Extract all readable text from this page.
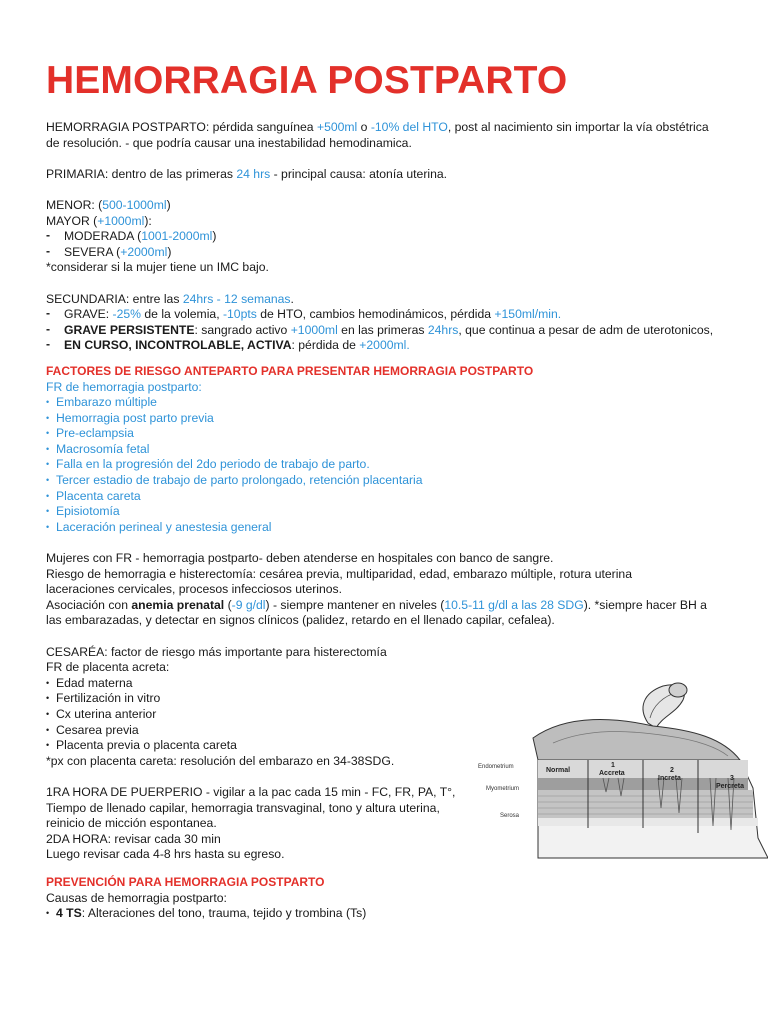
HEMORRAGIA POSTPARTO

HEMORRAGIA POSTPARTO: pérdida sanguínea +500ml o -10% del HTO, post al nacimiento sin importar la vía obstétrica de resolución. - que podría causar una inestabilidad hemodinamica.

PRIMARIA: dentro de las primeras 24 hrs - principal causa: atonía uterina.

MENOR: (500-1000ml)

MAYOR (+1000ml):

- MODERADA (1001-2000ml)

- SEVERA (+2000ml)

*considerar si la mujer tiene un IMC bajo.

SECUNDARIA: entre las 24hrs - 12 semanas.

- GRAVE: -25% de la volemia, -10pts de HTO, cambios hemodinámicos, pérdida +150ml/min.

- GRAVE PERSISTENTE: sangrado activo +1000ml en las primeras 24hrs, que continua a pesar de adm de uterotonicos,

- EN CURSO, INCONTROLABLE, ACTIVA: pérdida de +2000ml.

FACTORES DE RIESGO ANTEPARTO PARA PRESENTAR HEMORRAGIA POSTPARTO

FR de hemorragia postparto:

• Embarazo múltiple

• Hemorragia post parto previa

• Pre-eclampsia

• Macrosomía fetal

• Falla en la progresión del 2do periodo de trabajo de parto.

• Tercer estadio de trabajo de parto prolongado, retención placentaria

• Placenta careta

• Episiotomía

• Laceración perineal y anestesia general

Mujeres con FR - hemorragia postparto- deben atenderse en hospitales con banco de sangre.

Riesgo de hemorragia e histerectomía: cesárea previa, multiparidad, edad, embarazo múltiple, rotura uterina laceraciones cervicales, procesos infecciosos uterinos.

Asociación con anemia prenatal (-9 g/dl) - siempre mantener en niveles (10.5-11 g/dl a las 28 SDG). *siempre hacer BH a las embarazadas, y detectar en signos clínicos (palidez, retardo en el llenado capilar, cefalea).

CESARÉA: factor de riesgo más importante para histerectomía

FR de placenta acreta:

• Edad materna

• Fertilización in vitro

• Cx uterina anterior

• Cesarea previa

• Placenta previa o placenta careta

*px con placenta careta: resolución del embarazo en 34-38SDG.

1RA HORA DE PUERPERIO - vigilar a la pac cada 15 min - FC, FR, PA, T°,

Tiempo de llenado capilar, hemorragia transvaginal, tono y altura uterina,

reinicio de micción espontanea.

2DA HORA: revisar cada 30 min

Luego revisar cada 4-8 hrs hasta su egreso.

PREVENCIÓN PARA HEMORRAGIA POSTPARTO

Causas de hemorragia postparto:

• 4 TS: Alteraciones del tono, trauma, tejido y trombina (Ts)

Normal
1
Accreta	2
Increta	3
Percreta
Endometrium
Myometrium
Serosa
